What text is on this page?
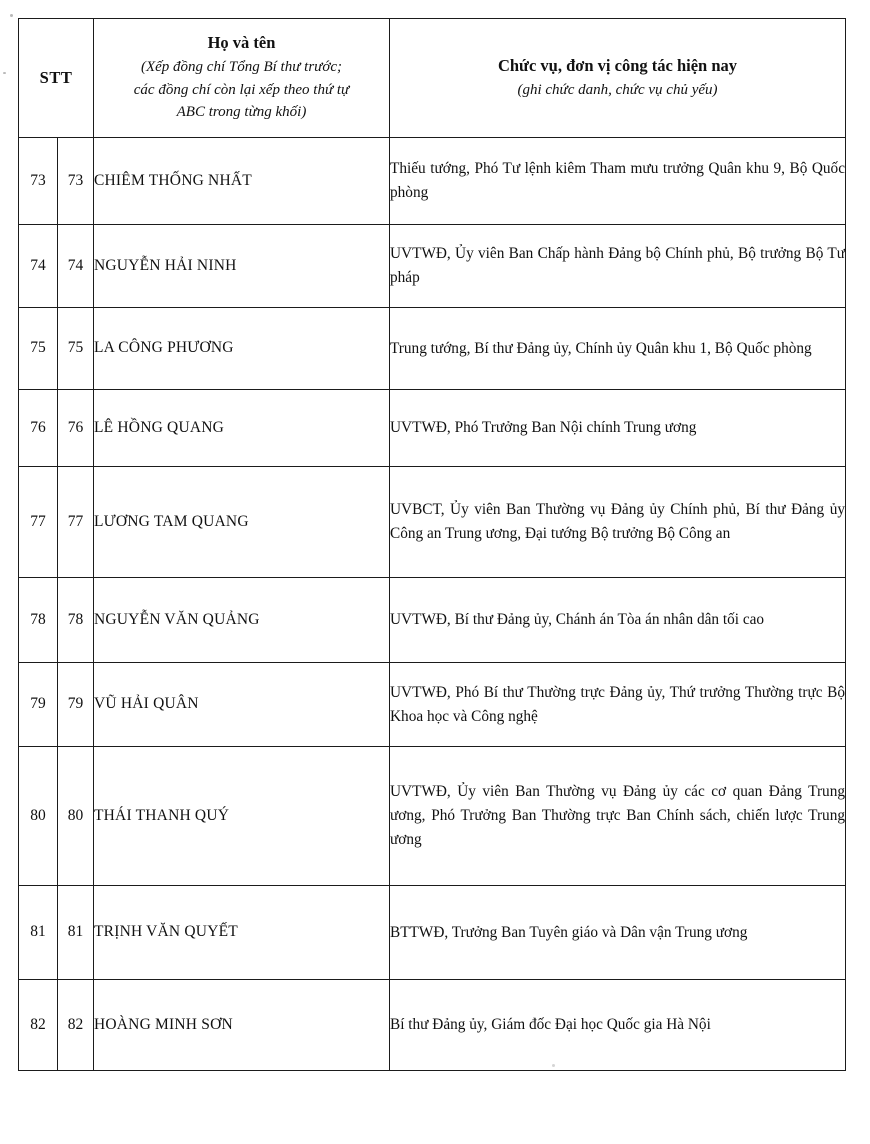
STT		Họ và tên
(Xếp đồng chí Tổng Bí thư trước;
các đồng chí còn lại xếp theo thứ tự
ABC trong từng khối)	Chức vụ, đơn vị công tác hiện nay
(ghi chức danh, chức vụ chủ yếu)

73	73	CHIÊM THỐNG NHẤT	Thiếu tướng, Phó Tư lệnh kiêm Tham mưu trưởng Quân khu 9, Bộ Quốc phòng

74	74	NGUYỄN HẢI NINH	UVTWĐ, Ủy viên Ban Chấp hành Đảng bộ Chính phủ, Bộ trưởng Bộ Tư pháp

75	75	LA CÔNG PHƯƠNG	Trung tướng, Bí thư Đảng ủy, Chính ủy Quân khu 1, Bộ Quốc phòng

76	76	LÊ HỒNG QUANG	UVTWĐ, Phó Trưởng Ban Nội chính Trung ương

77	77	LƯƠNG TAM QUANG	UVBCT, Ủy viên Ban Thường vụ Đảng ủy Chính phủ, Bí thư Đảng ủy Công an Trung ương, Đại tướng Bộ trưởng Bộ Công an

78	78	NGUYỄN VĂN QUẢNG	UVTWĐ, Bí thư Đảng ủy, Chánh án Tòa án nhân dân tối cao

79	79	VŨ HẢI QUÂN	UVTWĐ, Phó Bí thư Thường trực Đảng ủy, Thứ trưởng Thường trực Bộ Khoa học và Công nghệ

80	80	THÁI THANH QUÝ	UVTWĐ, Ủy viên Ban Thường vụ Đảng ủy các cơ quan Đảng Trung ương, Phó Trưởng Ban Thường trực Ban Chính sách, chiến lược Trung ương

81	81	TRỊNH VĂN QUYẾT	BTTWĐ, Trưởng Ban Tuyên giáo và Dân vận Trung ương

82	82	HOÀNG MINH SƠN	Bí thư Đảng ủy, Giám đốc Đại học Quốc gia Hà Nội
